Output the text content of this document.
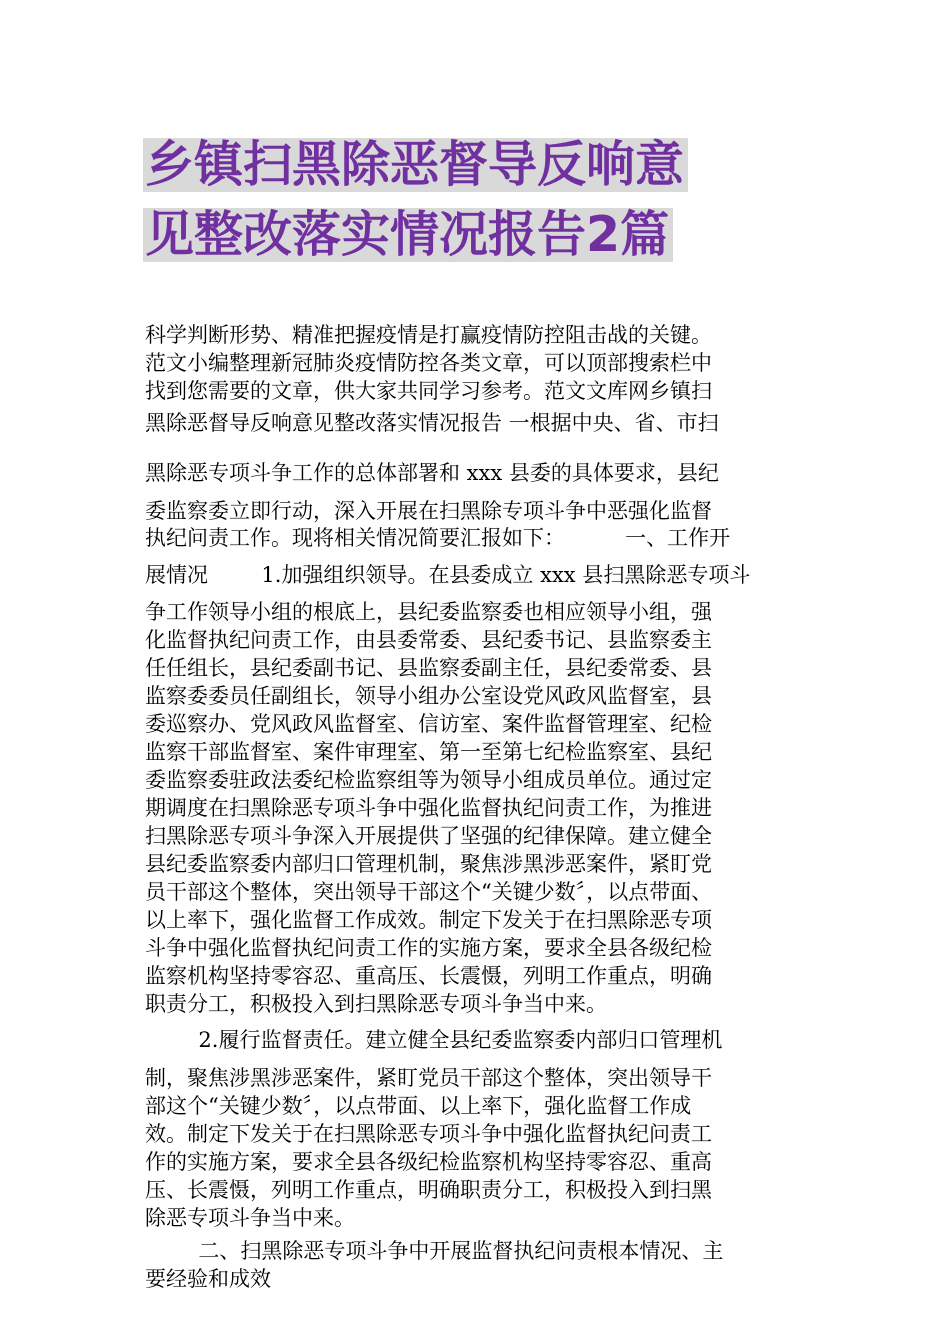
乡镇扫黑除恶督导反响意
见整改落实情况报告2篇
科学判断形势、精准把握疫情是打赢疫情防控阻击战的关键。
范文小编整理新冠肺炎疫情防控各类文章，可以顶部搜索栏中
找到您需要的文章，供大家共同学习参考。范文文库网乡镇扫
黑除恶督导反响意见整改落实情况报告 一根据中央、省、市扫
黑除恶专项斗争工作的总体部署和 xxx 县委的具体要求，县纪
委监察委立即行动，深入开展在扫黑除专项斗争中恶强化监督
执纪问责工作。现将相关情况简要汇报如下：         一、工作开
展情况        1.加强组织领导。在县委成立 xxx 县扫黑除恶专项斗
争工作领导小组的根底上，县纪委监察委也相应领导小组，强
化监督执纪问责工作，由县委常委、县纪委书记、县监察委主
任任组长，县纪委副书记、县监察委副主任，县纪委常委、县
监察委委员任副组长，领导小组办公室设党风政风监督室，县
委巡察办、党风政风监督室、信访室、案件监督管理室、纪检
监察干部监督室、案件审理室、第一至第七纪检监察室、县纪
委监察委驻政法委纪检监察组等为领导小组成员单位。通过定
期调度在扫黑除恶专项斗争中强化监督执纪问责工作，为推进
扫黑除恶专项斗争深入开展提供了坚强的纪律保障。建立健全
县纪委监察委内部归口管理机制，聚焦涉黑涉恶案件，紧盯党
员干部这个整体，突出领导干部这个“关键少数〞，以点带面、
以上率下，强化监督工作成效。制定下发关于在扫黑除恶专项
斗争中强化监督执纪问责工作的实施方案，要求全县各级纪检
监察机构坚持零容忍、重高压、长震慑，列明工作重点，明确
职责分工，积极投入到扫黑除恶专项斗争当中来。
2.履行监督责任。建立健全县纪委监察委内部归口管理机
制，聚焦涉黑涉恶案件，紧盯党员干部这个整体，突出领导干
部这个“关键少数〞，以点带面、以上率下，强化监督工作成
效。制定下发关于在扫黑除恶专项斗争中强化监督执纪问责工
作的实施方案，要求全县各级纪检监察机构坚持零容忍、重高
压、长震慑，列明工作重点，明确职责分工，积极投入到扫黑
除恶专项斗争当中来。
二、扫黑除恶专项斗争中开展监督执纪问责根本情况、主
要经验和成效
